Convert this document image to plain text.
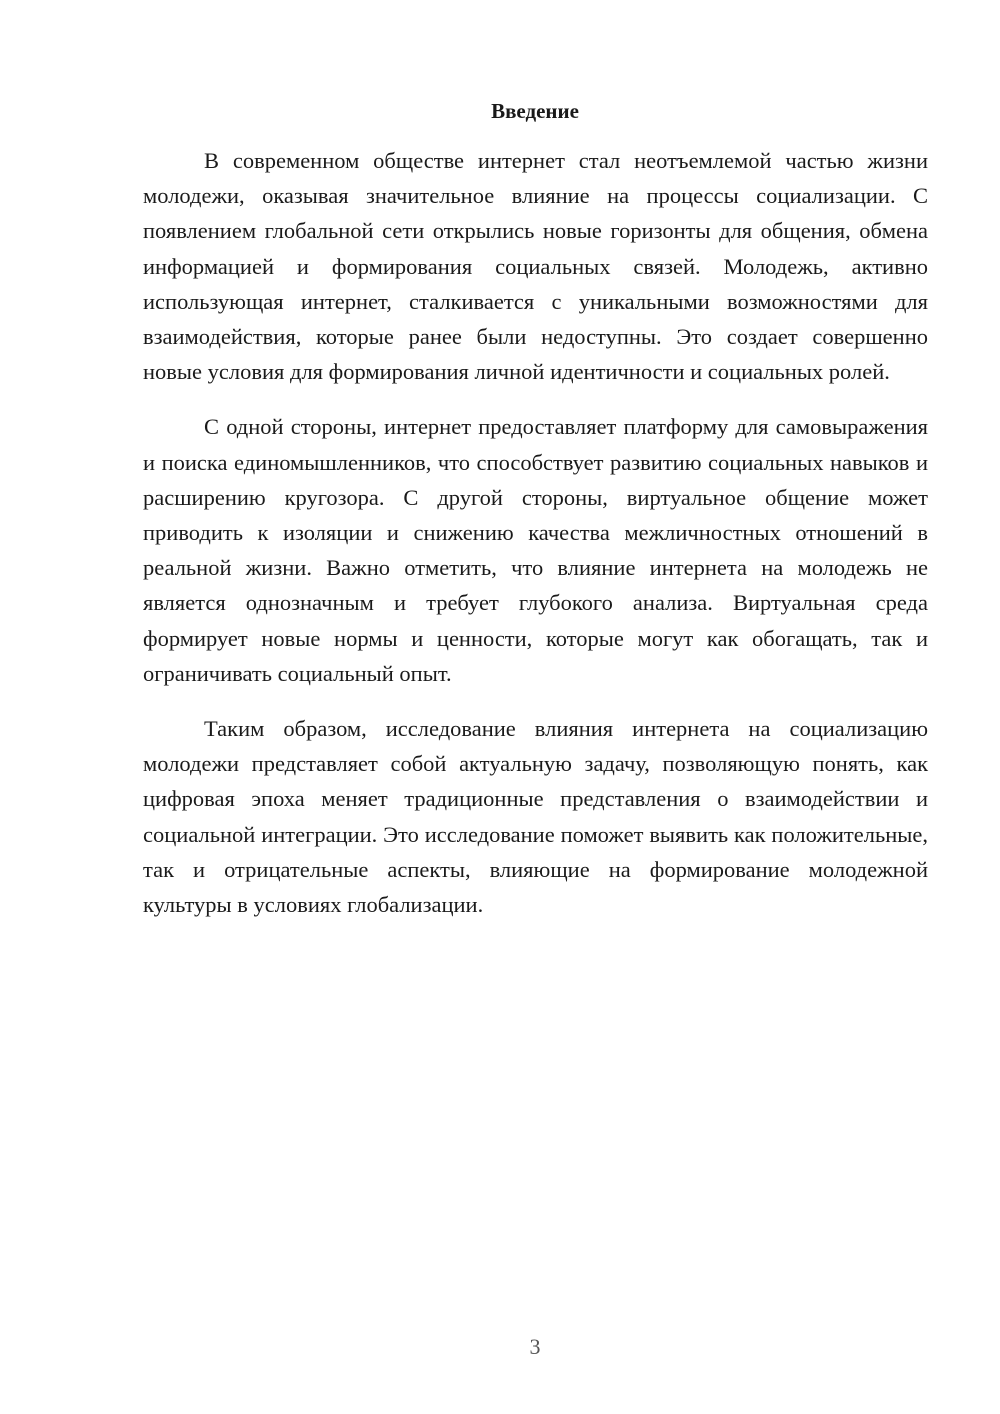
Введение

В современном обществе интернет стал неотъемлемой частью жизни молодежи, оказывая значительное влияние на процессы социализации. С появлением глобальной сети открылись новые горизонты для общения, обмена информацией и формирования социальных связей. Молодежь, активно использующая интернет, сталкивается с уникальными возможностями для взаимодействия, которые ранее были недоступны. Это создает совершенно новые условия для формирования личной идентичности и социальных ролей.

С одной стороны, интернет предоставляет платформу для самовыражения и поиска единомышленников, что способствует развитию социальных навыков и расширению кругозора. С другой стороны, виртуальное общение может приводить к изоляции и снижению качества межличностных отношений в реальной жизни. Важно отметить, что влияние интернета на молодежь не является однозначным и требует глубокого анализа. Виртуальная среда формирует новые нормы и ценности, которые могут как обогащать, так и ограничивать социальный опыт.

Таким образом, исследование влияния интернета на социализацию молодежи представляет собой актуальную задачу, позволяющую понять, как цифровая эпоха меняет традиционные представления о взаимодействии и социальной интеграции. Это исследование поможет выявить как положительные, так и отрицательные аспекты, влияющие на формирование молодежной культуры в условиях глобализации.

3
